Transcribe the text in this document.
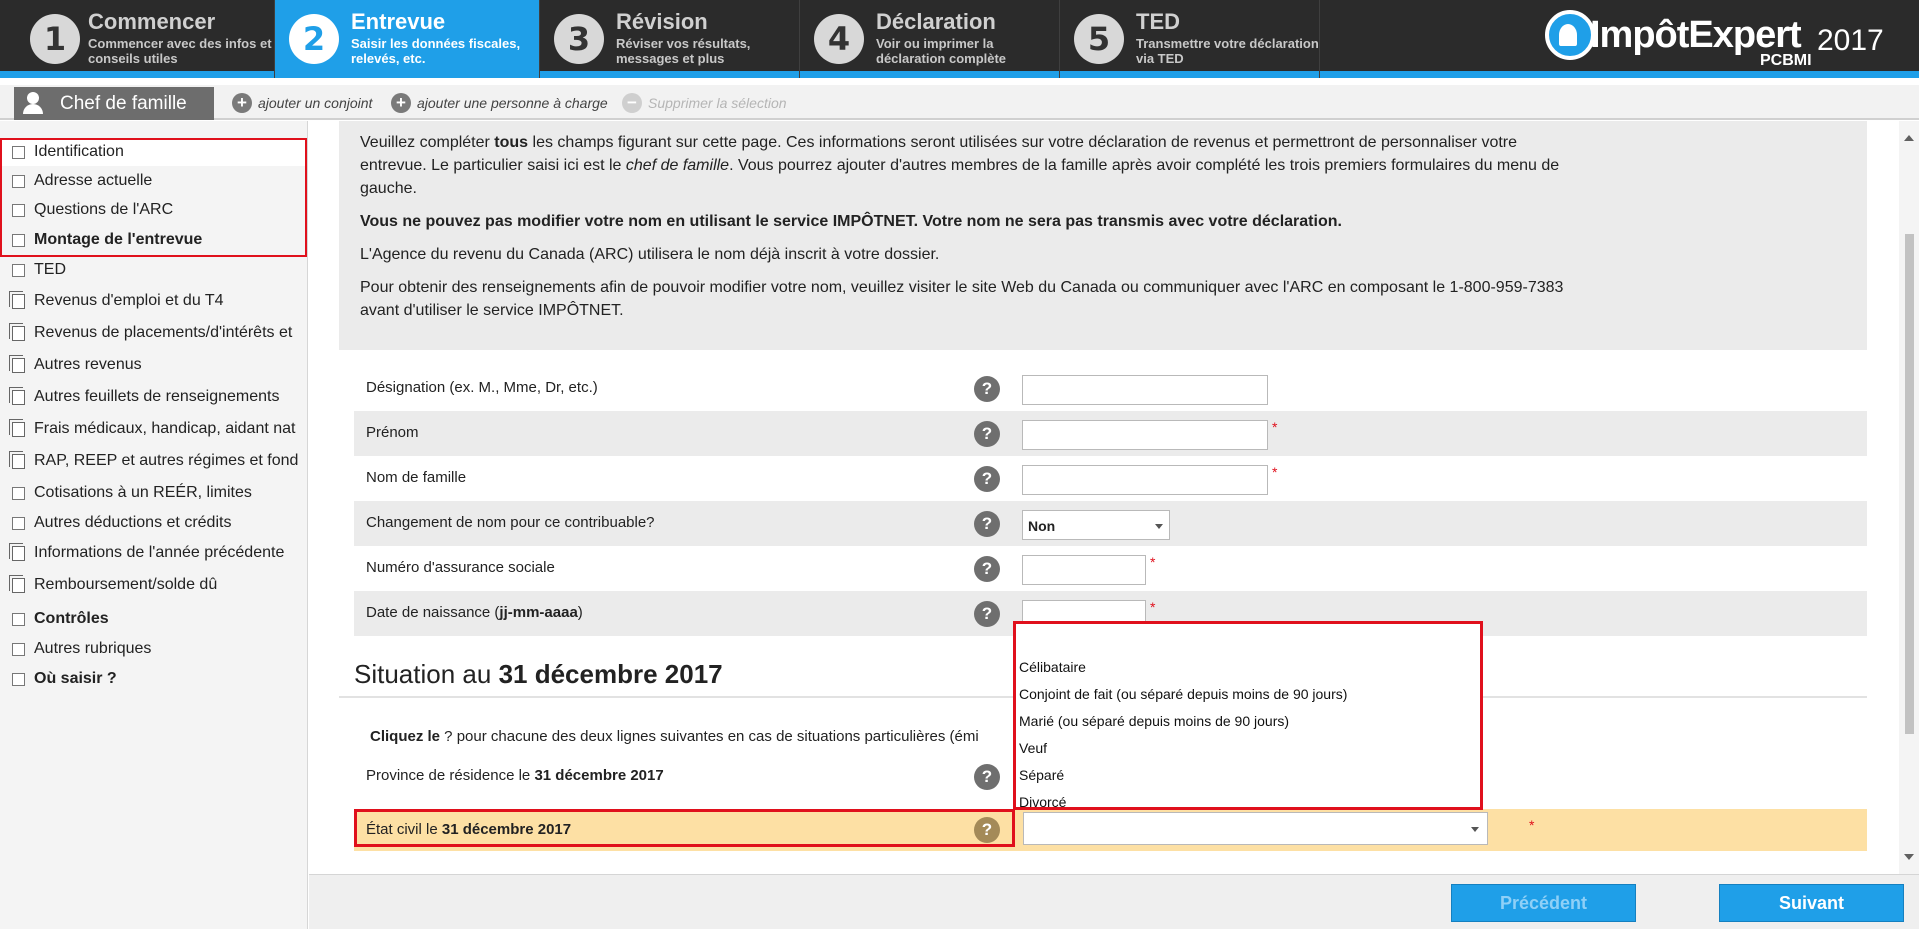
1 Commencer
Commencer avec des infos et conseils utiles
2	Entrevue
Saisir les données fiscales, relevés, etc.
3	Révision
Réviser vos résultats, messages et plus
4	Déclaration
Voir ou imprimer la déclaration complète
5	TED
Transmettre votre déclaration via TED
ImpôtExpert 2017
PCBMI
Chef de famille	+ ajouter un conjoint + ajouter une personne à charge − Supprimer la sélection
Identification
Adresse actuelle
Questions de l'ARC
Montage de l'entrevue
TED
Revenus d'emploi et du T4
Revenus de placements/d'intérêts et
Autres revenus
Autres feuillets de renseignements
Frais médicaux, handicap, aidant nat
RAP, REEP et autres régimes et fond
Cotisations à un REÉR, limites
Autres déductions et crédits
Informations de l'année précédente
Remboursement/solde dû
Contrôles
Autres rubriques
Où saisir ?

Veuillez compléter tous les champs figurant sur cette page. Ces informations seront utilisées sur votre déclaration de revenus et permettront de personnaliser votre entrevue. Le particulier saisi ici est le chef de famille. Vous pourrez ajouter d'autres membres de la famille après avoir complété les trois premiers formulaires du menu de gauche.

Vous ne pouvez pas modifier votre nom en utilisant le service IMPÔTNET. Votre nom ne sera pas transmis avec votre déclaration.

L'Agence du revenu du Canada (ARC) utilisera le nom déjà inscrit à votre dossier.

Pour obtenir des renseignements afin de pouvoir modifier votre nom, veuillez visiter le site Web du Canada ou communiquer avec l'ARC en composant le 1-800-959-7383 avant d'utiliser le service IMPÔTNET.

Désignation (ex. M., Mme, Dr, etc.)	?
Prénom	?	*
Nom de famille	?	*
Changement de nom pour ce contribuable?	?	Non
Numéro d'assurance sociale	?	*
Date de naissance (jj-mm-aaaa)	?	*
Situation au 31 décembre 2017
Cliquez le ? pour chacune des deux lignes suivantes en cas de situations particulières (émi
Province de résidence le 31 décembre 2017	?
État civil le 31 décembre 2017	?	*
Célibataire
Conjoint de fait (ou séparé depuis moins de 90 jours)
Marié (ou séparé depuis moins de 90 jours)
Veuf
Séparé
Divorcé
Précédent	Suivant
